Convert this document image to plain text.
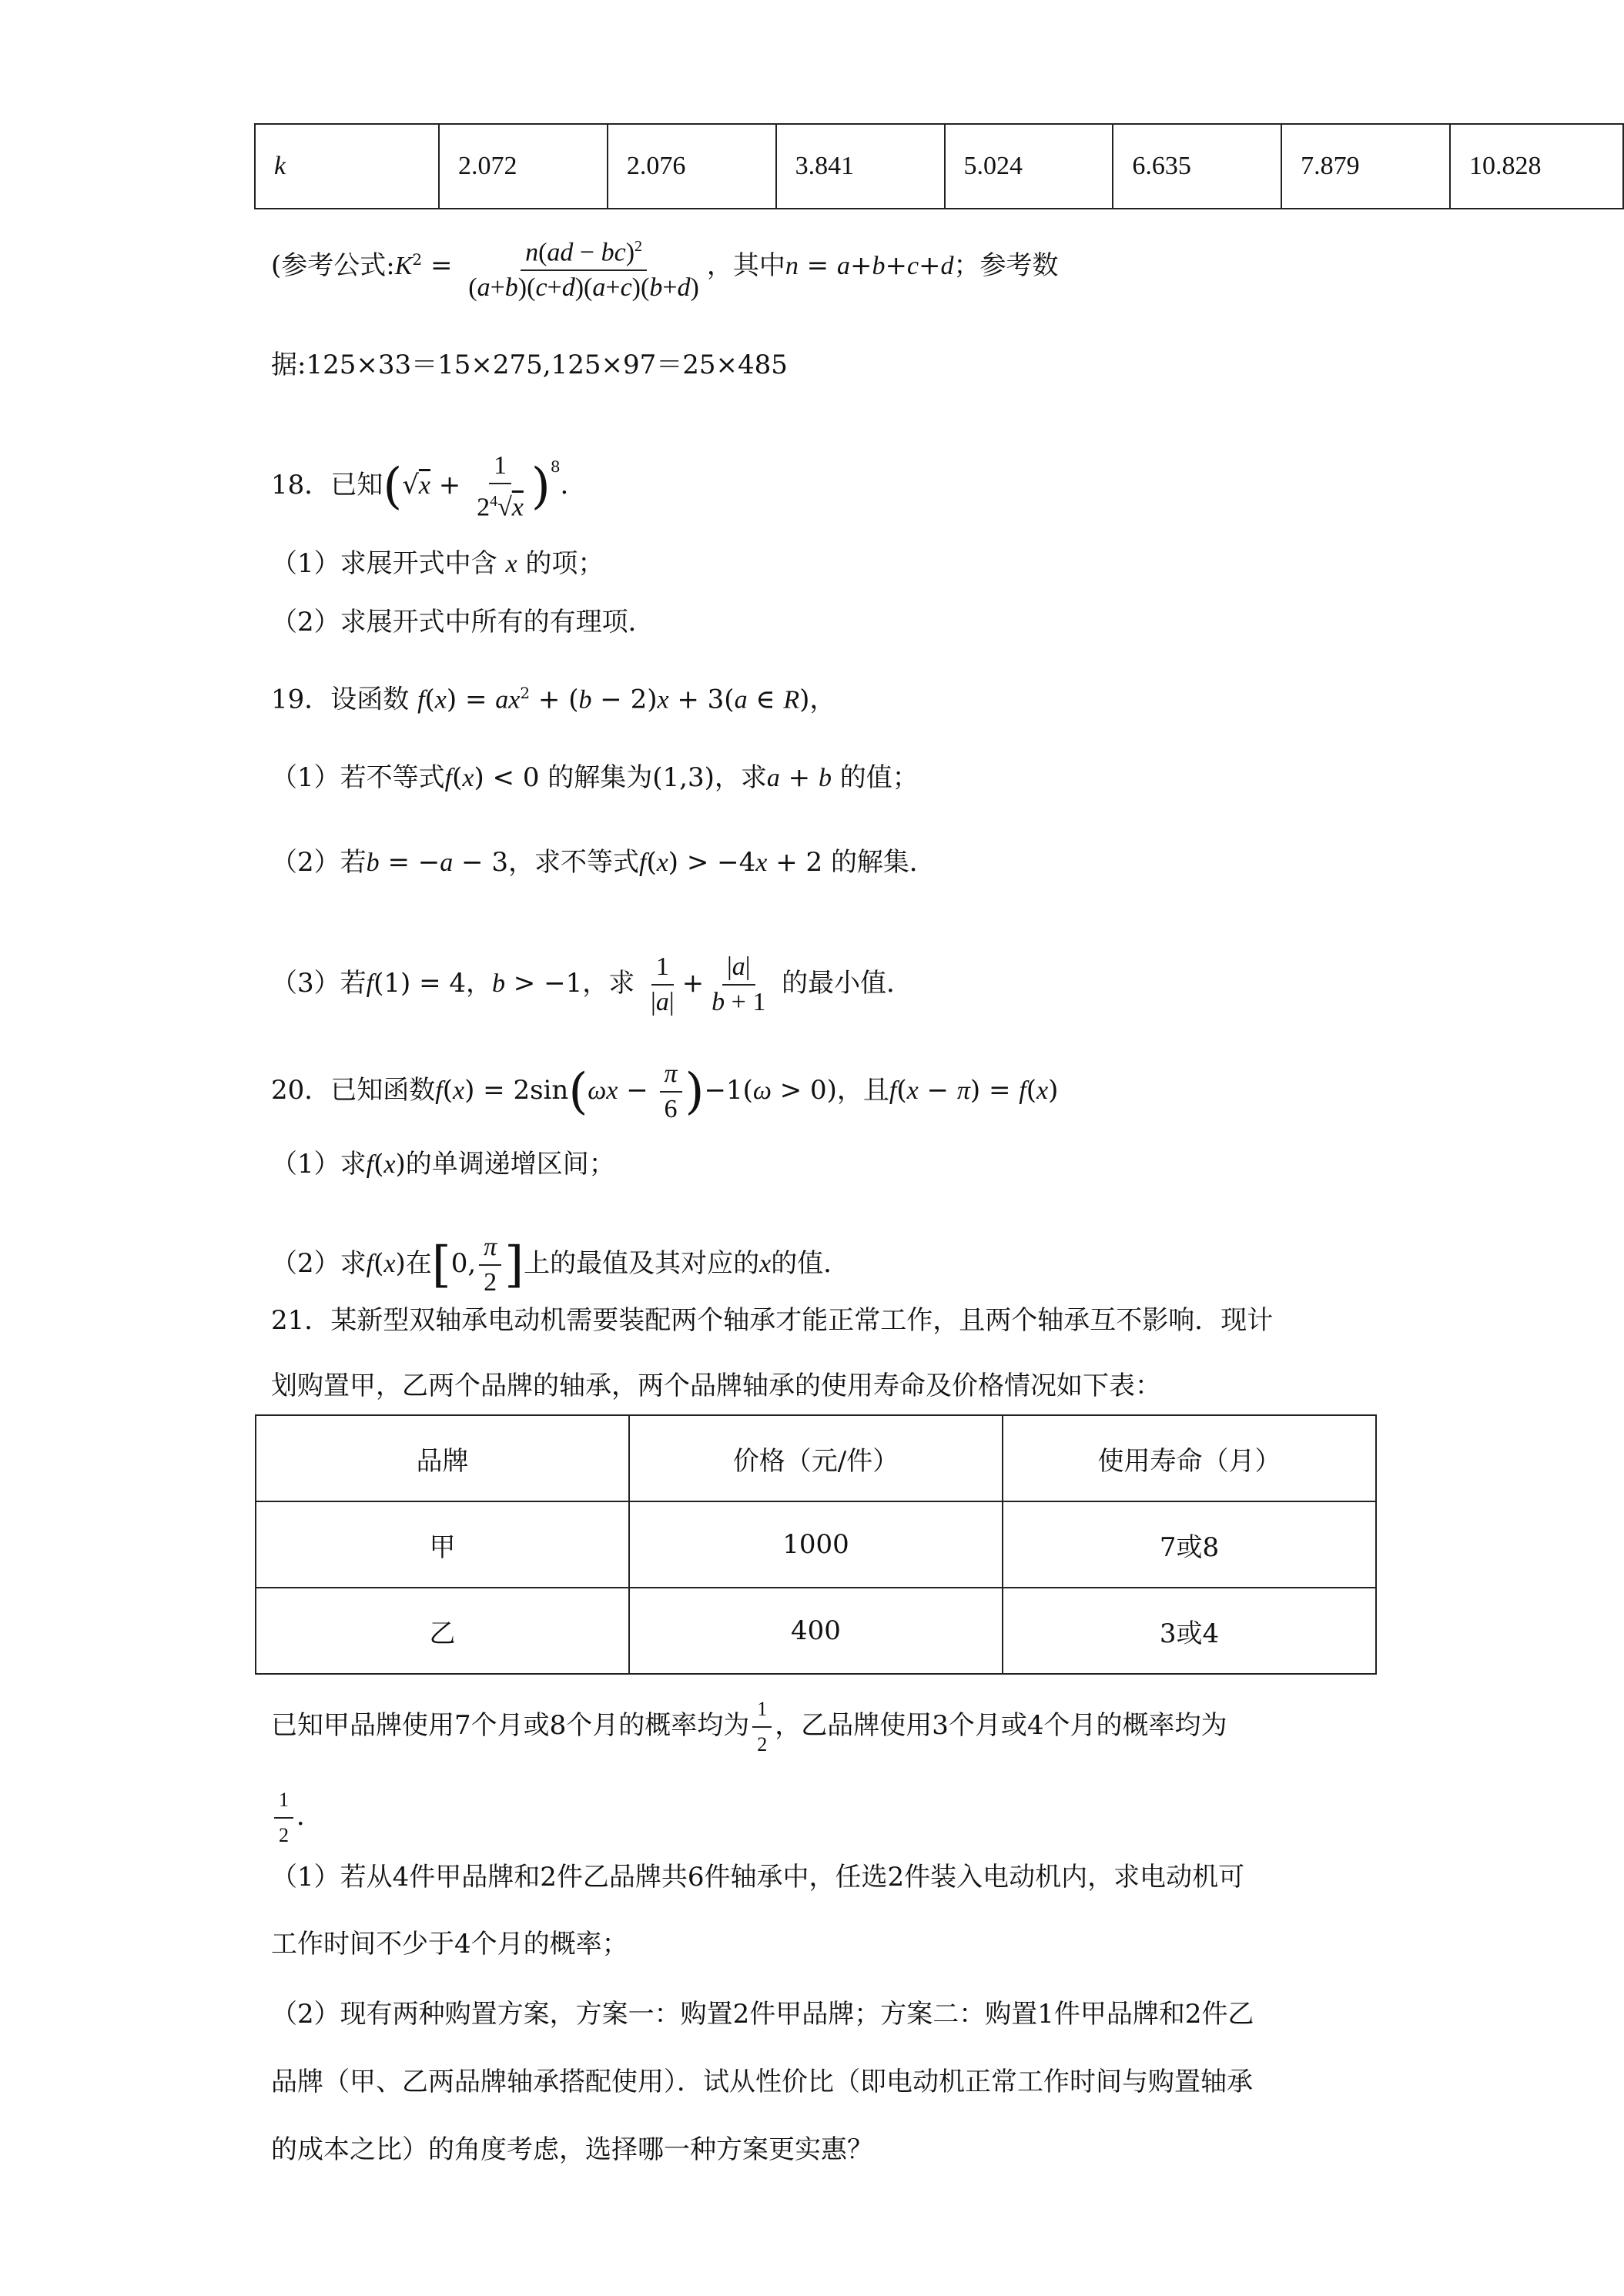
k	2.072	2.076	3.841	5.024	6.635	7.879	10.828
(参考公式$:K^2 = \frac{n(ad - bc)^2}{(a+b)(c+d)(a+c)(b+d)}$ ，其中n = a+b+c+d；参考数
据:125×33＝15×275,125×97＝25×485
18．已知$(√x + \frac{1}{2^4√x} )^8$．
（1）求展开式中含 x 的项；
（2）求展开式中所有的有理项．
19．设函数 $f(x) = ax^2 + (b - 2)x + 3(a$ ∈ R)，
（1）若不等式f(x) < 0 的解集为(1,3)，求a + b 的值；
（2）若b = −a − 3，求不等式f(x) > −4x + 2 的解集．
（3）若f(1) = 4，b > −1，求 $\frac{1}{|a|} + \frac{|a|}{b + 1}$ 的最小值．
20．已知函数$f(x) = 2\sin(\omega x - \frac{\pi}{6} )-1(\omega > 0)$，且f(x − π) = f(x)
（1）求f(x)的单调递增区间；
（2）求f(x)在[0, $\frac{\pi}{2}$ ]上的最值及其对应的x的值．
21．某新型双轴承电动机需要装配两个轴承才能正常工作，且两个轴承互不影响．现计
划购置甲，乙两个品牌的轴承，两个品牌轴承的使用寿命及价格情况如下表：
品牌	价格（元/件）	使用寿命（月）
甲	1000	7或8
乙	400	3或4
已知甲品牌使用7个月或8个月的概率均为 $\frac{1}{2}$ ，乙品牌使用3个月或4个月的概率均为
$\frac{1}{2}$ ．
（1）若从4件甲品牌和2件乙品牌共6件轴承中，任选2件装入电动机内，求电动机可
工作时间不少于4个月的概率；
（2）现有两种购置方案，方案一：购置2件甲品牌；方案二：购置1件甲品牌和2件乙
品牌（甲、乙两品牌轴承搭配使用）．试从性价比（即电动机正常工作时间与购置轴承
的成本之比）的角度考虑，选择哪一种方案更实惠？
